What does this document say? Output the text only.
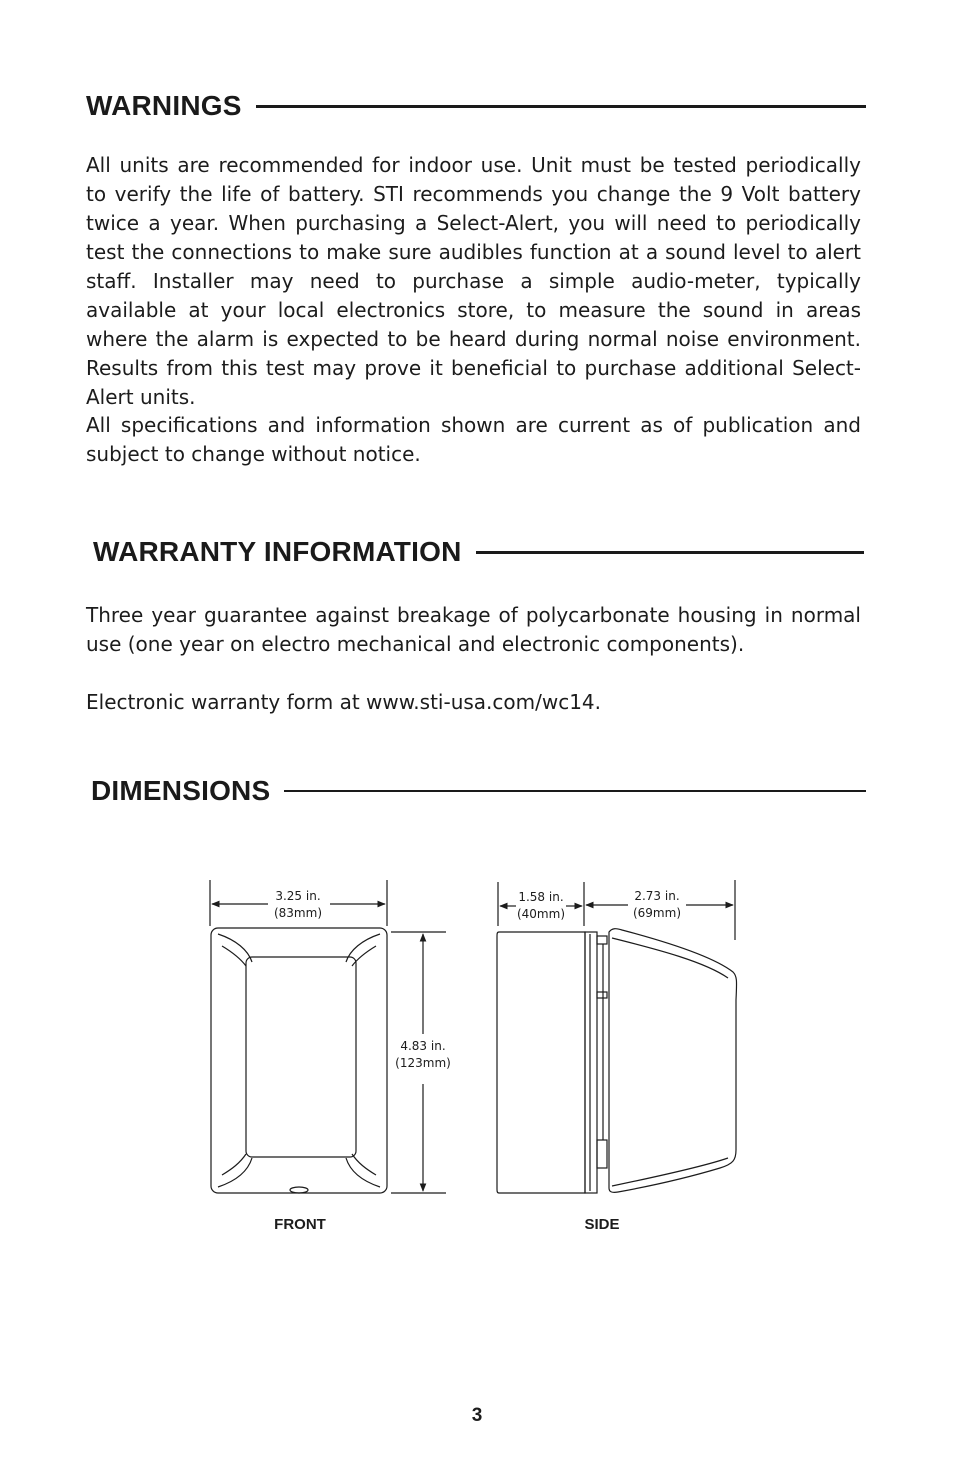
WARNINGS

All units are recommended for indoor use. Unit must be tested periodically to verify the life of battery. STI recommends you change the 9 Volt battery twice a year. When purchasing a Select-Alert, you will need to periodically test the connections to make sure audibles function at a sound level to alert staff. Installer may need to purchase a simple audio-meter, typically available at your local electronics store, to measure the sound in areas where the alarm is expected to be heard during normal noise environment. Results from this test may prove it beneficial to purchase additional Select-Alert units.

All specifications and information shown are current as of publication and subject to change without notice.

WARRANTY INFORMATION

Three year guarantee against breakage of polycarbonate housing in normal use (one year on electro mechanical and electronic components).

Electronic warranty form at www.sti-usa.com/wc14.

DIMENSIONS
3.25 in.
(83mm)
4.83 in.
(123mm)
FRONT
1.58 in.
(40mm)
2.73 in.
(69mm)
SIDE
3
